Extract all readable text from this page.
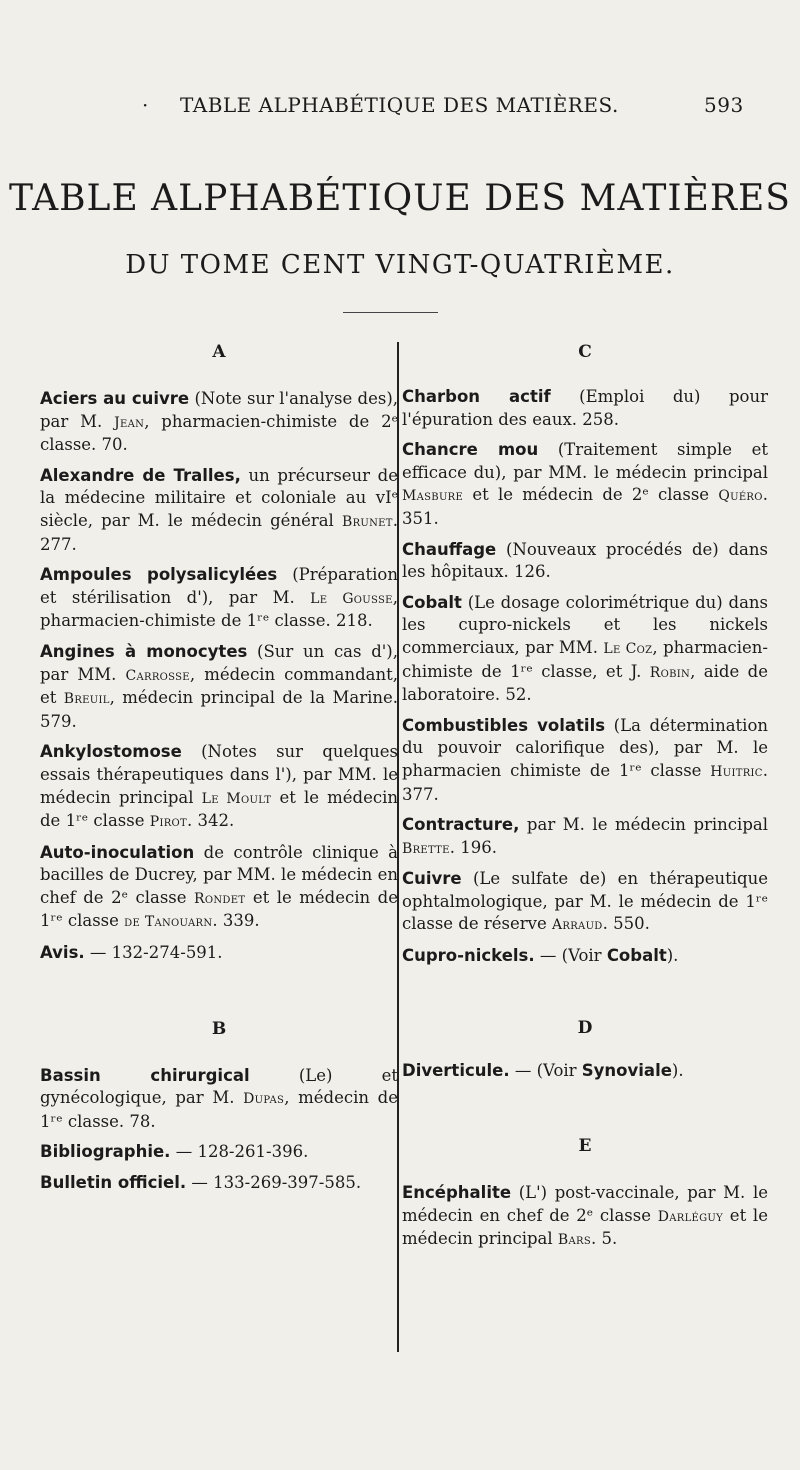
· TABLE ALPHABÉTIQUE DES MATIÈRES.	593
TABLE ALPHABÉTIQUE DES MATIÈRES
DU TOME CENT VINGT-QUATRIÈME.
A

Aciers au cuivre (Note sur l'analyse des), par M. Jean, pharmacien-chimiste de 2ᵉ classe. 70.

Alexandre de Tralles, un précurseur de la médecine militaire et coloniale au vIᵉ siècle, par M. le médecin général Brunet. 277.

Ampoules polysalicylées (Préparation et stérilisation d'), par M. Le Gousse, pharmacien-chimiste de 1ʳᵉ classe. 218.

Angines à monocytes (Sur un cas d'), par MM. Carrosse, médecin commandant, et Breuil, médecin principal de la Marine. 579.

Ankylostomose (Notes sur quelques essais thérapeutiques dans l'), par MM. le médecin principal Le Moult et le médecin de 1ʳᵉ classe Pirot. 342.

Auto-inoculation de contrôle clinique à bacilles de Ducrey, par MM. le médecin en chef de 2ᵉ classe Rondet et le médecin de 1ʳᵉ classe de Tanouarn. 339.

Avis. — 132-274-591.

B

Bassin chirurgical (Le) et gynécologique, par M. Dupas, médecin de 1ʳᵉ classe. 78.

Bibliographie. — 128-261-396.

Bulletin officiel. — 133-269-397-585.

C

Charbon actif (Emploi du) pour l'épuration des eaux. 258.

Chancre mou (Traitement simple et efficace du), par MM. le médecin principal Masbure et le médecin de 2ᵉ classe Quéro. 351.

Chauffage (Nouveaux procédés de) dans les hôpitaux. 126.

Cobalt (Le dosage colorimétrique du) dans les cupro-nickels et les nickels commerciaux, par MM. Le Coz, pharmacien-chimiste de 1ʳᵉ classe, et J. Robin, aide de laboratoire. 52.

Combustibles volatils (La détermination du pouvoir calorifique des), par M. le pharmacien chimiste de 1ʳᵉ classe Huitric. 377.

Contracture, par M. le médecin principal Brette. 196.

Cuivre (Le sulfate de) en thérapeutique ophtalmologique, par M. le médecin de 1ʳᵉ classe de réserve Arraud. 550.

Cupro-nickels. — (Voir Cobalt).

D

Diverticule. — (Voir Synoviale).

E

Encéphalite (L') post-vaccinale, par M. le médecin en chef de 2ᵉ classe Darléguy et le médecin principal Bars. 5.
